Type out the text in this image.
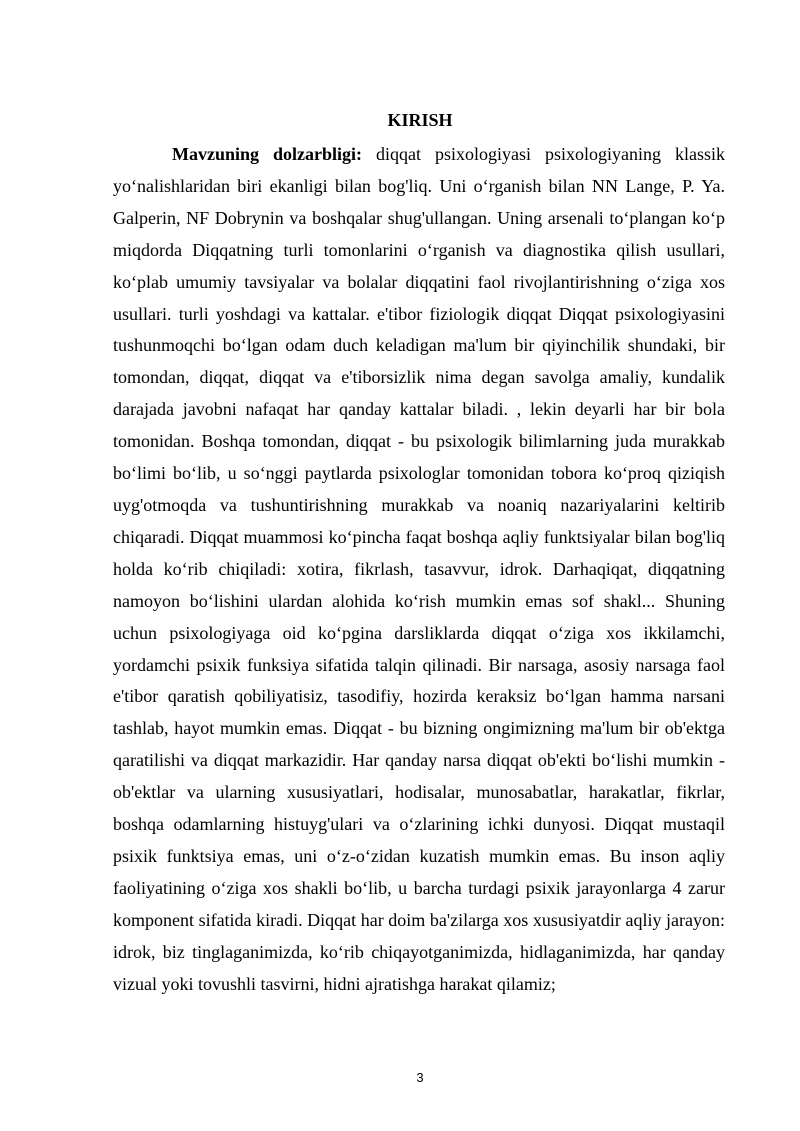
KIRISH

Mavzuning dolzarbligi: diqqat psixologiyasi psixologiyaning klassik yo‘nalishlaridan biri ekanligi bilan bog'liq. Uni o‘rganish bilan NN Lange, P. Ya. Galperin, NF Dobrynin va boshqalar shug'ullangan. Uning arsenali to‘plangan ko‘p miqdorda Diqqatning turli tomonlarini o‘rganish va diagnostika qilish usullari, ko‘plab umumiy tavsiyalar va bolalar diqqatini faol rivojlantirishning o‘ziga xos usullari. turli yoshdagi va kattalar. e'tibor fiziologik diqqat Diqqat psixologiyasini tushunmoqchi bo‘lgan odam duch keladigan ma'lum bir qiyinchilik shundaki, bir tomondan, diqqat, diqqat va e'tiborsizlik nima degan savolga amaliy, kundalik darajada javobni nafaqat har qanday kattalar biladi. , lekin deyarli har bir bola tomonidan. Boshqa tomondan, diqqat - bu psixologik bilimlarning juda murakkab bo‘limi bo‘lib, u so‘nggi paytlarda psixologlar tomonidan tobora ko‘proq qiziqish uyg'otmoqda va tushuntirishning murakkab va noaniq nazariyalarini keltirib chiqaradi. Diqqat muammosi ko‘pincha faqat boshqa aqliy funktsiyalar bilan bog'liq holda ko‘rib chiqiladi: xotira, fikrlash, tasavvur, idrok. Darhaqiqat, diqqatning namoyon bo‘lishini ulardan alohida ko‘rish mumkin emas sof shakl... Shuning uchun psixologiyaga oid ko‘pgina darsliklarda diqqat o‘ziga xos ikkilamchi, yordamchi psixik funksiya sifatida talqin qilinadi. Bir narsaga, asosiy narsaga faol e'tibor qaratish qobiliyatisiz, tasodifiy, hozirda keraksiz bo‘lgan hamma narsani tashlab, hayot mumkin emas. Diqqat - bu bizning ongimizning ma'lum bir ob'ektga qaratilishi va diqqat markazidir. Har qanday narsa diqqat ob'ekti bo‘lishi mumkin - ob'ektlar va ularning xususiyatlari, hodisalar, munosabatlar, harakatlar, fikrlar, boshqa odamlarning histuyg'ulari va o‘zlarining ichki dunyosi. Diqqat mustaqil psixik funktsiya emas, uni o‘z-o‘zidan kuzatish mumkin emas. Bu inson aqliy faoliyatining o‘ziga xos shakli bo‘lib, u barcha turdagi psixik jarayonlarga 4 zarur komponent sifatida kiradi. Diqqat har doim ba'zilarga xos xususiyatdir aqliy jarayon: idrok, biz tinglaganimizda, ko‘rib chiqayotganimizda, hidlaganimizda, har qanday vizual yoki tovushli tasvirni, hidni ajratishga harakat qilamiz;

3
